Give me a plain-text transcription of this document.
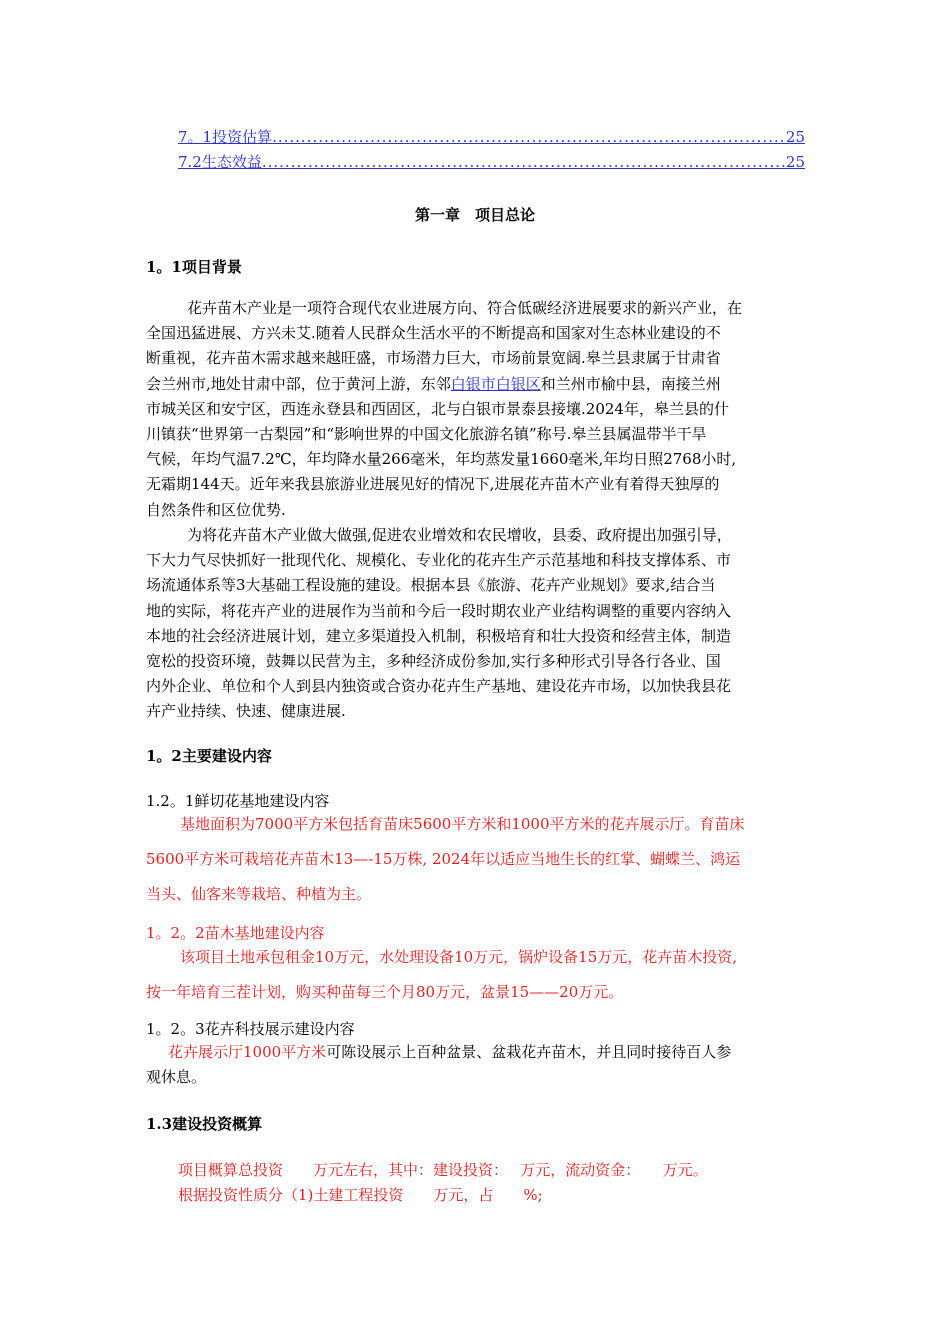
7。1投资估算 .....	25
7.2生态效益 .....	25
第一章　项目总论
1。1项目背景
花卉苗木产业是一项符合现代农业进展方向、符合低碳经济进展要求的新兴产业，在
全国迅猛进展、方兴未艾.随着人民群众生活水平的不断提高和国家对生态林业建设的不
断重视，花卉苗木需求越来越旺盛，市场潜力巨大，市场前景宽阔.皋兰县隶属于甘肃省
会兰州市,地处甘肃中部，位于黄河上游，东邻白银市白银区和兰州市榆中县，南接兰州
市城关区和安宁区，西连永登县和西固区，北与白银市景泰县接壤.2024年，皋兰县的什
川镇获“世界第一古梨园”和“影响世界的中国文化旅游名镇”称号.皋兰县属温带半干旱
气候，年均气温7.2℃，年均降水量266毫米，年均蒸发量1660毫米,年均日照2768小时,
无霜期144天。近年来我县旅游业进展见好的情况下,进展花卉苗木产业有着得天独厚的
自然条件和区位优势.
为将花卉苗木产业做大做强,促进农业增效和农民增收，县委、政府提出加强引导，
下大力气尽快抓好一批现代化、规模化、专业化的花卉生产示范基地和科技支撑体系、市
场流通体系等3大基础工程设施的建设。根据本县《旅游、花卉产业规划》要求,结合当
地的实际，将花卉产业的进展作为当前和今后一段时期农业产业结构调整的重要内容纳入
本地的社会经济进展计划，建立多渠道投入机制，积极培育和壮大投资和经营主体，制造
宽松的投资环境，鼓舞以民营为主，多种经济成份参加,实行多种形式引导各行各业、国
内外企业、单位和个人到县内独资或合资办花卉生产基地、建设花卉市场，以加快我县花
卉产业持续、快速、健康进展.
1。2主要建设内容
1.2。1鲜切花基地建设内容
基地面积为7000平方米包括育苗床5600平方米和1000平方米的花卉展示厅。育苗床
5600平方米可栽培花卉苗木13—-15万株, 2024年以适应当地生长的红掌、蝴蝶兰、鸿运
当头、仙客来等栽培、种植为主。
1。2。2苗木基地建设内容
该项目土地承包租金10万元，水处理设备10万元，锅炉设备15万元，花卉苗木投资,
按一年培育三茬计划，购买种苗每三个月80万元，盆景15——20万元。
1。2。3花卉科技展示建设内容
花卉展示厅1000平方米可陈设展示上百种盆景、盆栽花卉苗木，并且同时接待百人参
观休息。
1.3建设投资概算
项目概算总投资　　万元左右，其中：建设投资：　 万元，流动资金：　　万元。
根据投资性质分（1)土建工程投资　　万元，占　　%;
